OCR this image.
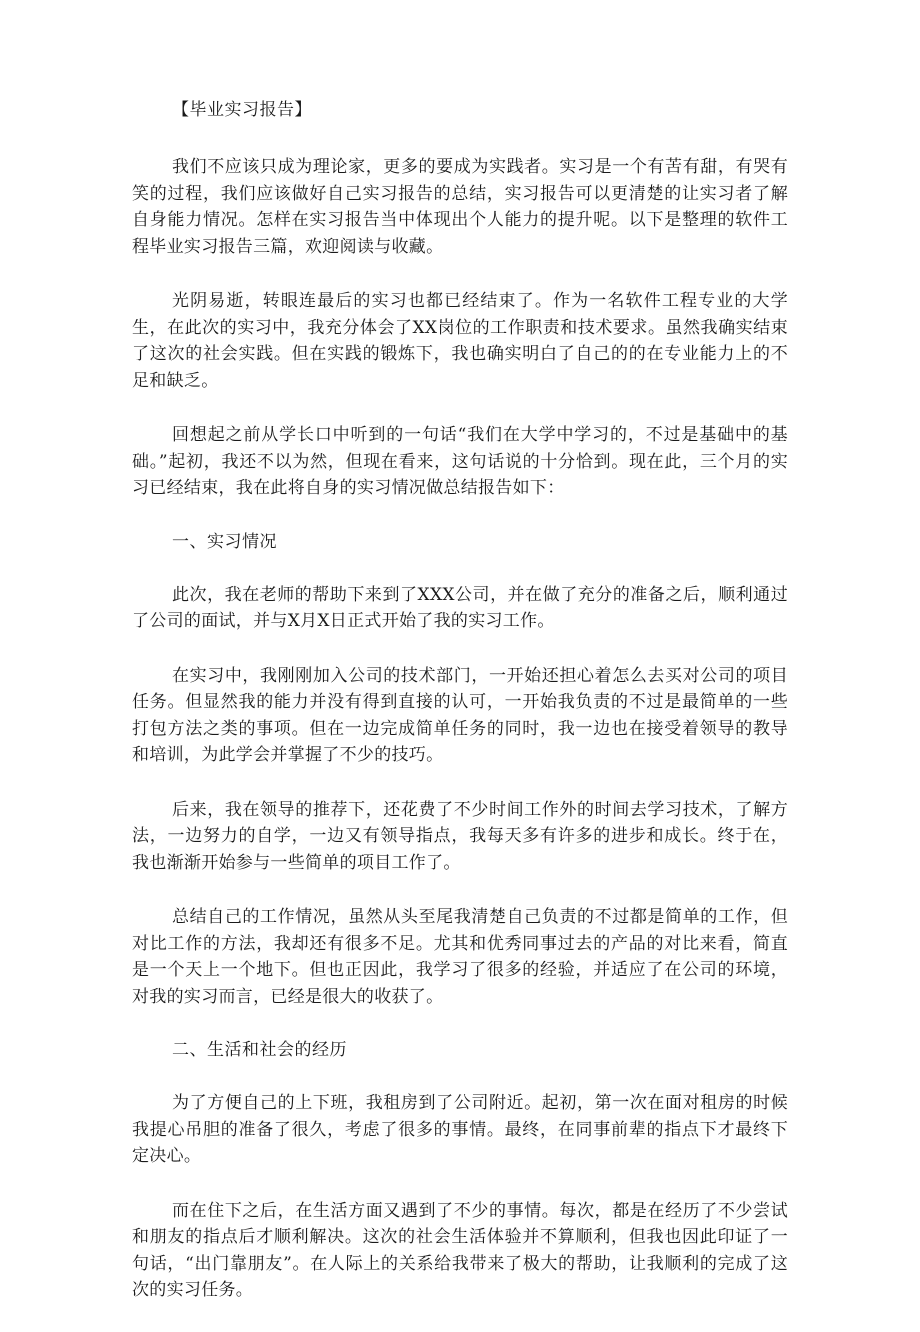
【毕业实习报告】

我们不应该只成为理论家，更多的要成为实践者。实习是一个有苦有甜，有哭有笑的过程，我们应该做好自己实习报告的总结，实习报告可以更清楚的让实习者了解自身能力情况。怎样在实习报告当中体现出个人能力的提升呢。以下是整理的软件工程毕业实习报告三篇，欢迎阅读与收藏。

光阴易逝，转眼连最后的实习也都已经结束了。作为一名软件工程专业的大学生，在此次的实习中，我充分体会了XX岗位的工作职责和技术要求。虽然我确实结束了这次的社会实践。但在实践的锻炼下，我也确实明白了自己的的在专业能力上的不足和缺乏。

回想起之前从学长口中听到的一句话“我们在大学中学习的，不过是基础中的基础。”起初，我还不以为然，但现在看来，这句话说的十分恰到。现在此，三个月的实习已经结束，我在此将自身的实习情况做总结报告如下：

一、实习情况

此次，我在老师的帮助下来到了XXX公司，并在做了充分的准备之后，顺利通过了公司的面试，并与X月X日正式开始了我的实习工作。

在实习中，我刚刚加入公司的技术部门，一开始还担心着怎么去买对公司的项目任务。但显然我的能力并没有得到直接的认可，一开始我负责的不过是最简单的一些打包方法之类的事项。但在一边完成简单任务的同时，我一边也在接受着领导的教导和培训，为此学会并掌握了不少的技巧。

后来，我在领导的推荐下，还花费了不少时间工作外的时间去学习技术，了解方法，一边努力的自学，一边又有领导指点，我每天多有许多的进步和成长。终于在，我也渐渐开始参与一些简单的项目工作了。

总结自己的工作情况，虽然从头至尾我清楚自己负责的不过都是简单的工作，但对比工作的方法，我却还有很多不足。尤其和优秀同事过去的产品的对比来看，简直是一个天上一个地下。但也正因此，我学习了很多的经验，并适应了在公司的环境，对我的实习而言，已经是很大的收获了。

二、生活和社会的经历

为了方便自己的上下班，我租房到了公司附近。起初，第一次在面对租房的时候我提心吊胆的准备了很久，考虑了很多的事情。最终，在同事前辈的指点下才最终下定决心。

而在住下之后，在生活方面又遇到了不少的事情。每次，都是在经历了不少尝试和朋友的指点后才顺利解决。这次的社会生活体验并不算顺利，但我也因此印证了一句话，“出门靠朋友”。在人际上的关系给我带来了极大的帮助，让我顺利的完成了这次的实习任务。
